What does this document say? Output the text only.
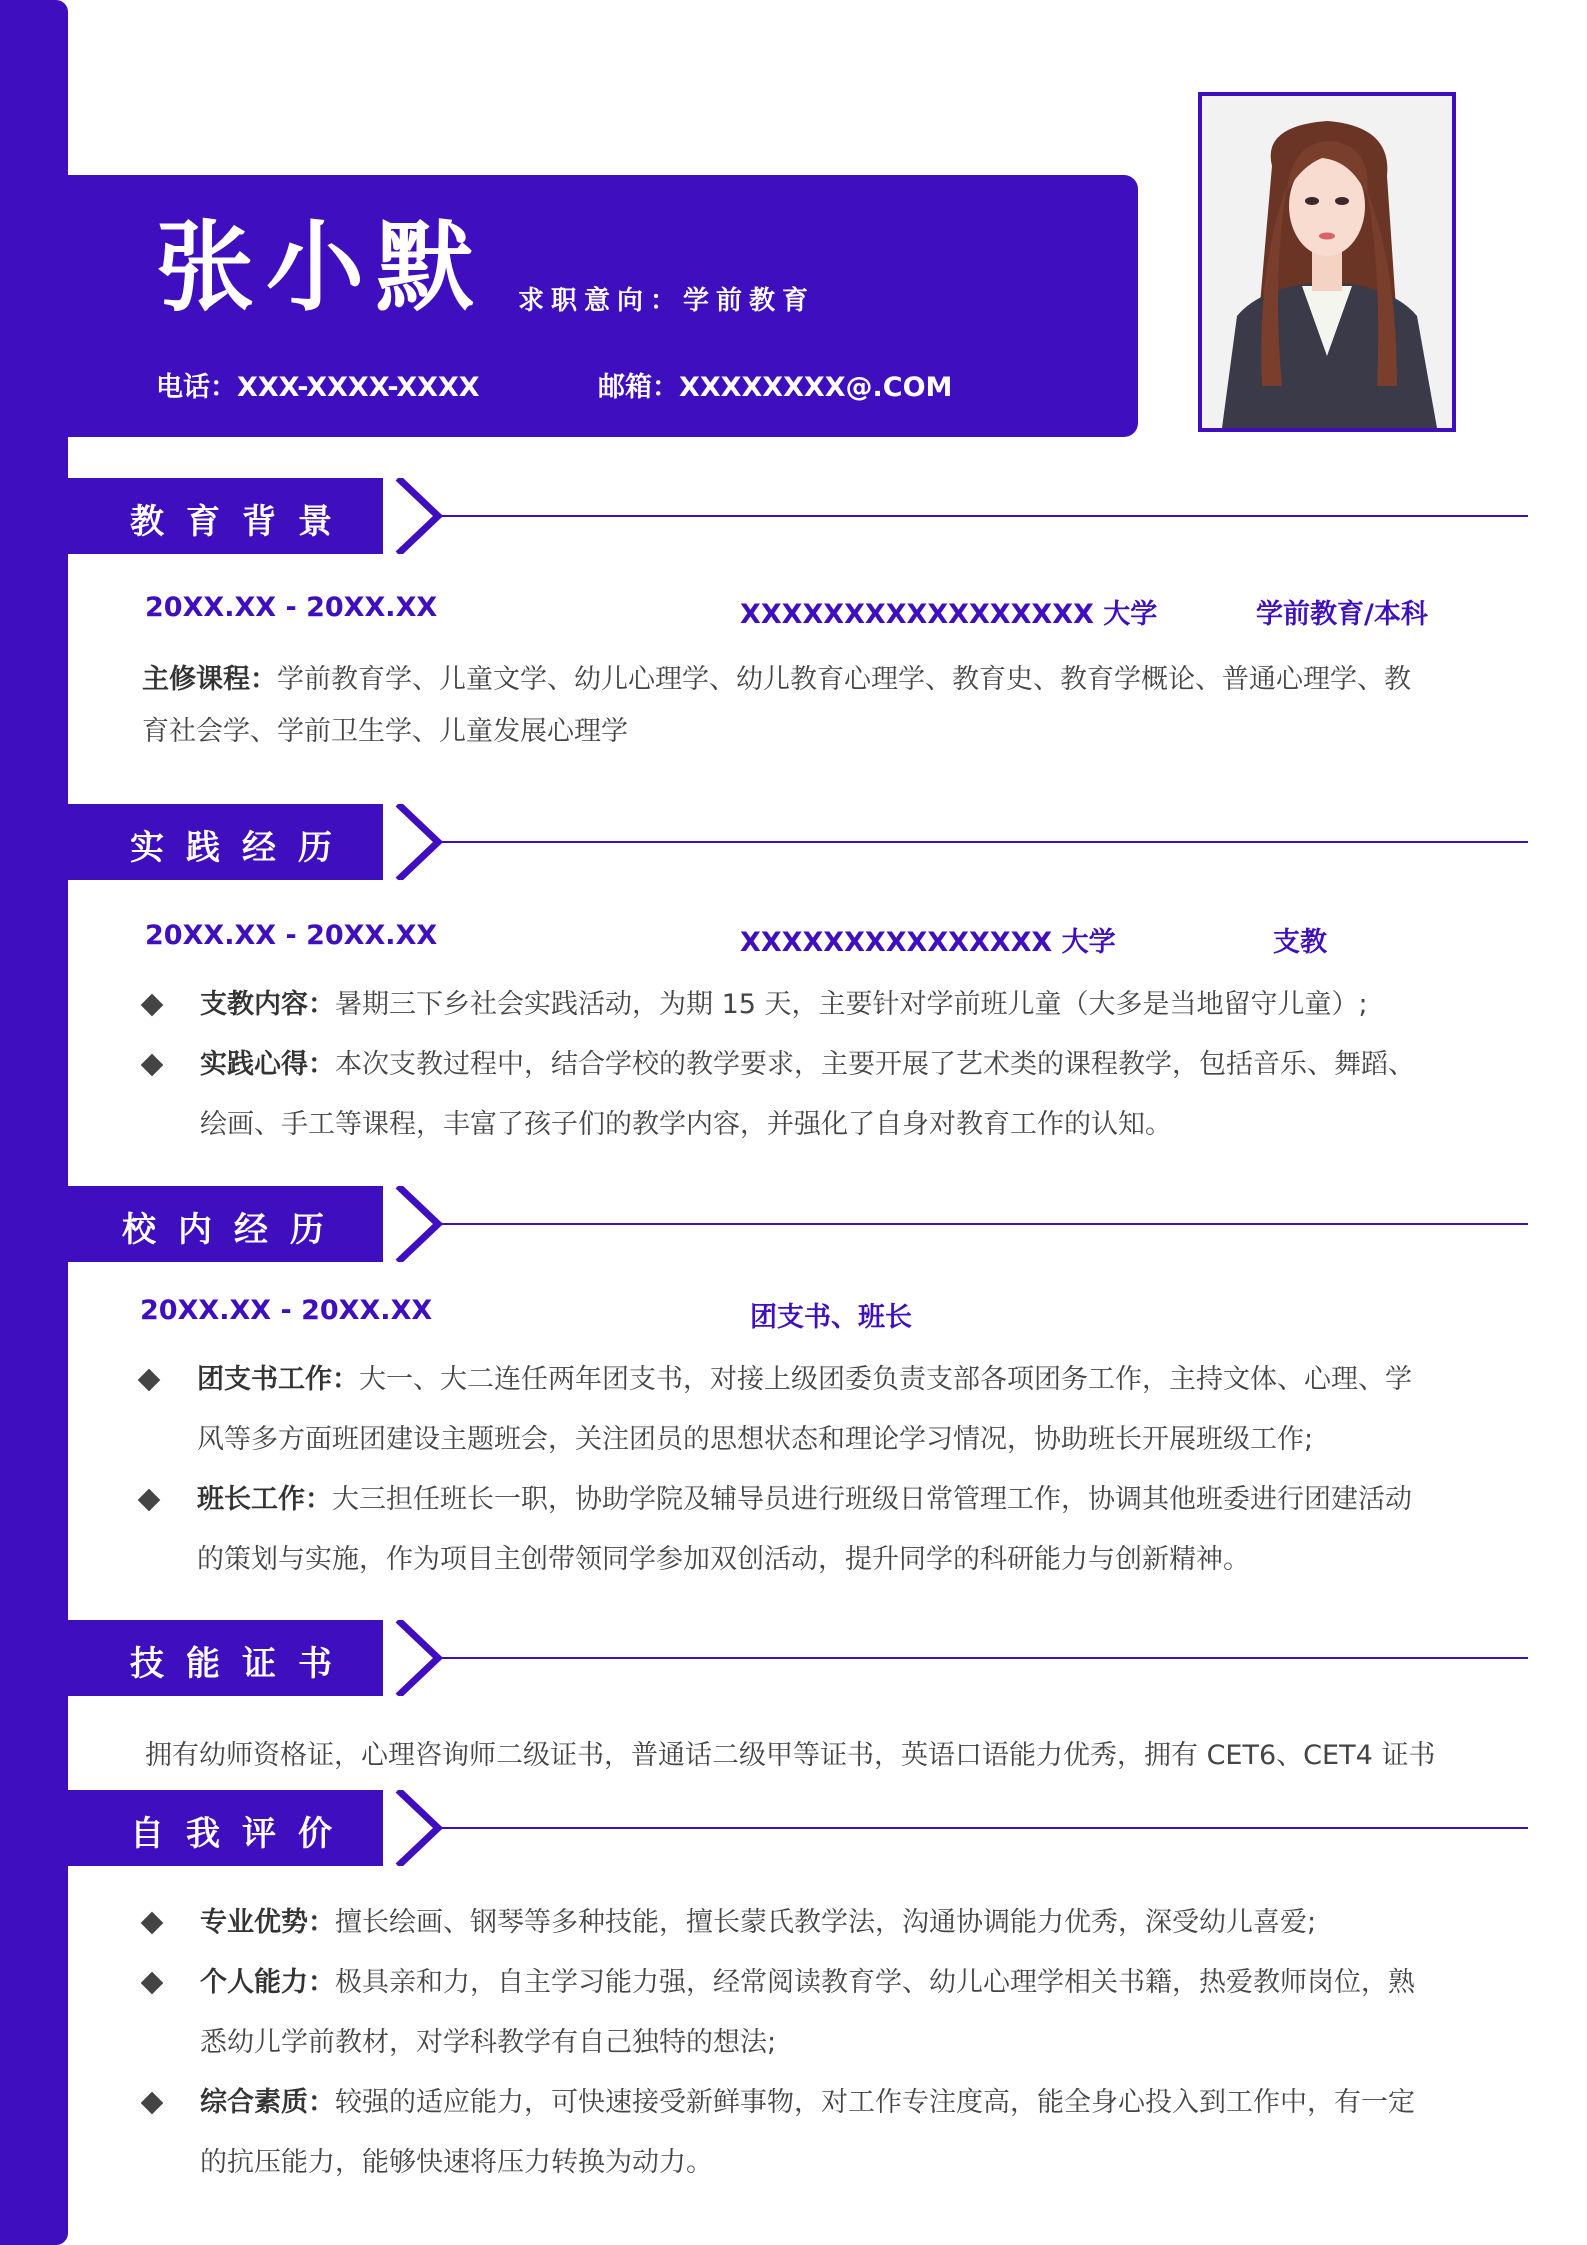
张小默 求职意向：学前教育
电话：XXX-XXXX-XXXX	邮箱：XXXXXXXX@.COM
教育背景
20XX.XX - 20XX.XX	XXXXXXXXXXXXXXXXX 大学	学前教育/本科
主修课程：学前教育学、儿童文学、幼儿心理学、幼儿教育心理学、教育史、教育学概论、普通心理学、教
育社会学、学前卫生学、儿童发展心理学
实践经历
20XX.XX - 20XX.XX	XXXXXXXXXXXXXXX 大学	支教
支教内容：暑期三下乡社会实践活动，为期 15 天，主要针对学前班儿童（大多是当地留守儿童）;
实践心得：本次支教过程中，结合学校的教学要求，主要开展了艺术类的课程教学，包括音乐、舞蹈、
绘画、手工等课程，丰富了孩子们的教学内容，并强化了自身对教育工作的认知。
校内经历
20XX.XX - 20XX.XX	团支书、班长
团支书工作：大一、大二连任两年团支书，对接上级团委负责支部各项团务工作，主持文体、心理、学
风等多方面班团建设主题班会，关注团员的思想状态和理论学习情况，协助班长开展班级工作;
班长工作：大三担任班长一职，协助学院及辅导员进行班级日常管理工作，协调其他班委进行团建活动
的策划与实施，作为项目主创带领同学参加双创活动，提升同学的科研能力与创新精神。
技能证书
拥有幼师资格证，心理咨询师二级证书，普通话二级甲等证书，英语口语能力优秀，拥有 CET6、CET4 证书
自我评价
专业优势：擅长绘画、钢琴等多种技能，擅长蒙氏教学法，沟通协调能力优秀，深受幼儿喜爱;
个人能力：极具亲和力，自主学习能力强，经常阅读教育学、幼儿心理学相关书籍，热爱教师岗位，熟
悉幼儿学前教材，对学科教学有自己独特的想法;
综合素质：较强的适应能力，可快速接受新鲜事物，对工作专注度高，能全身心投入到工作中，有一定
的抗压能力，能够快速将压力转换为动力。
